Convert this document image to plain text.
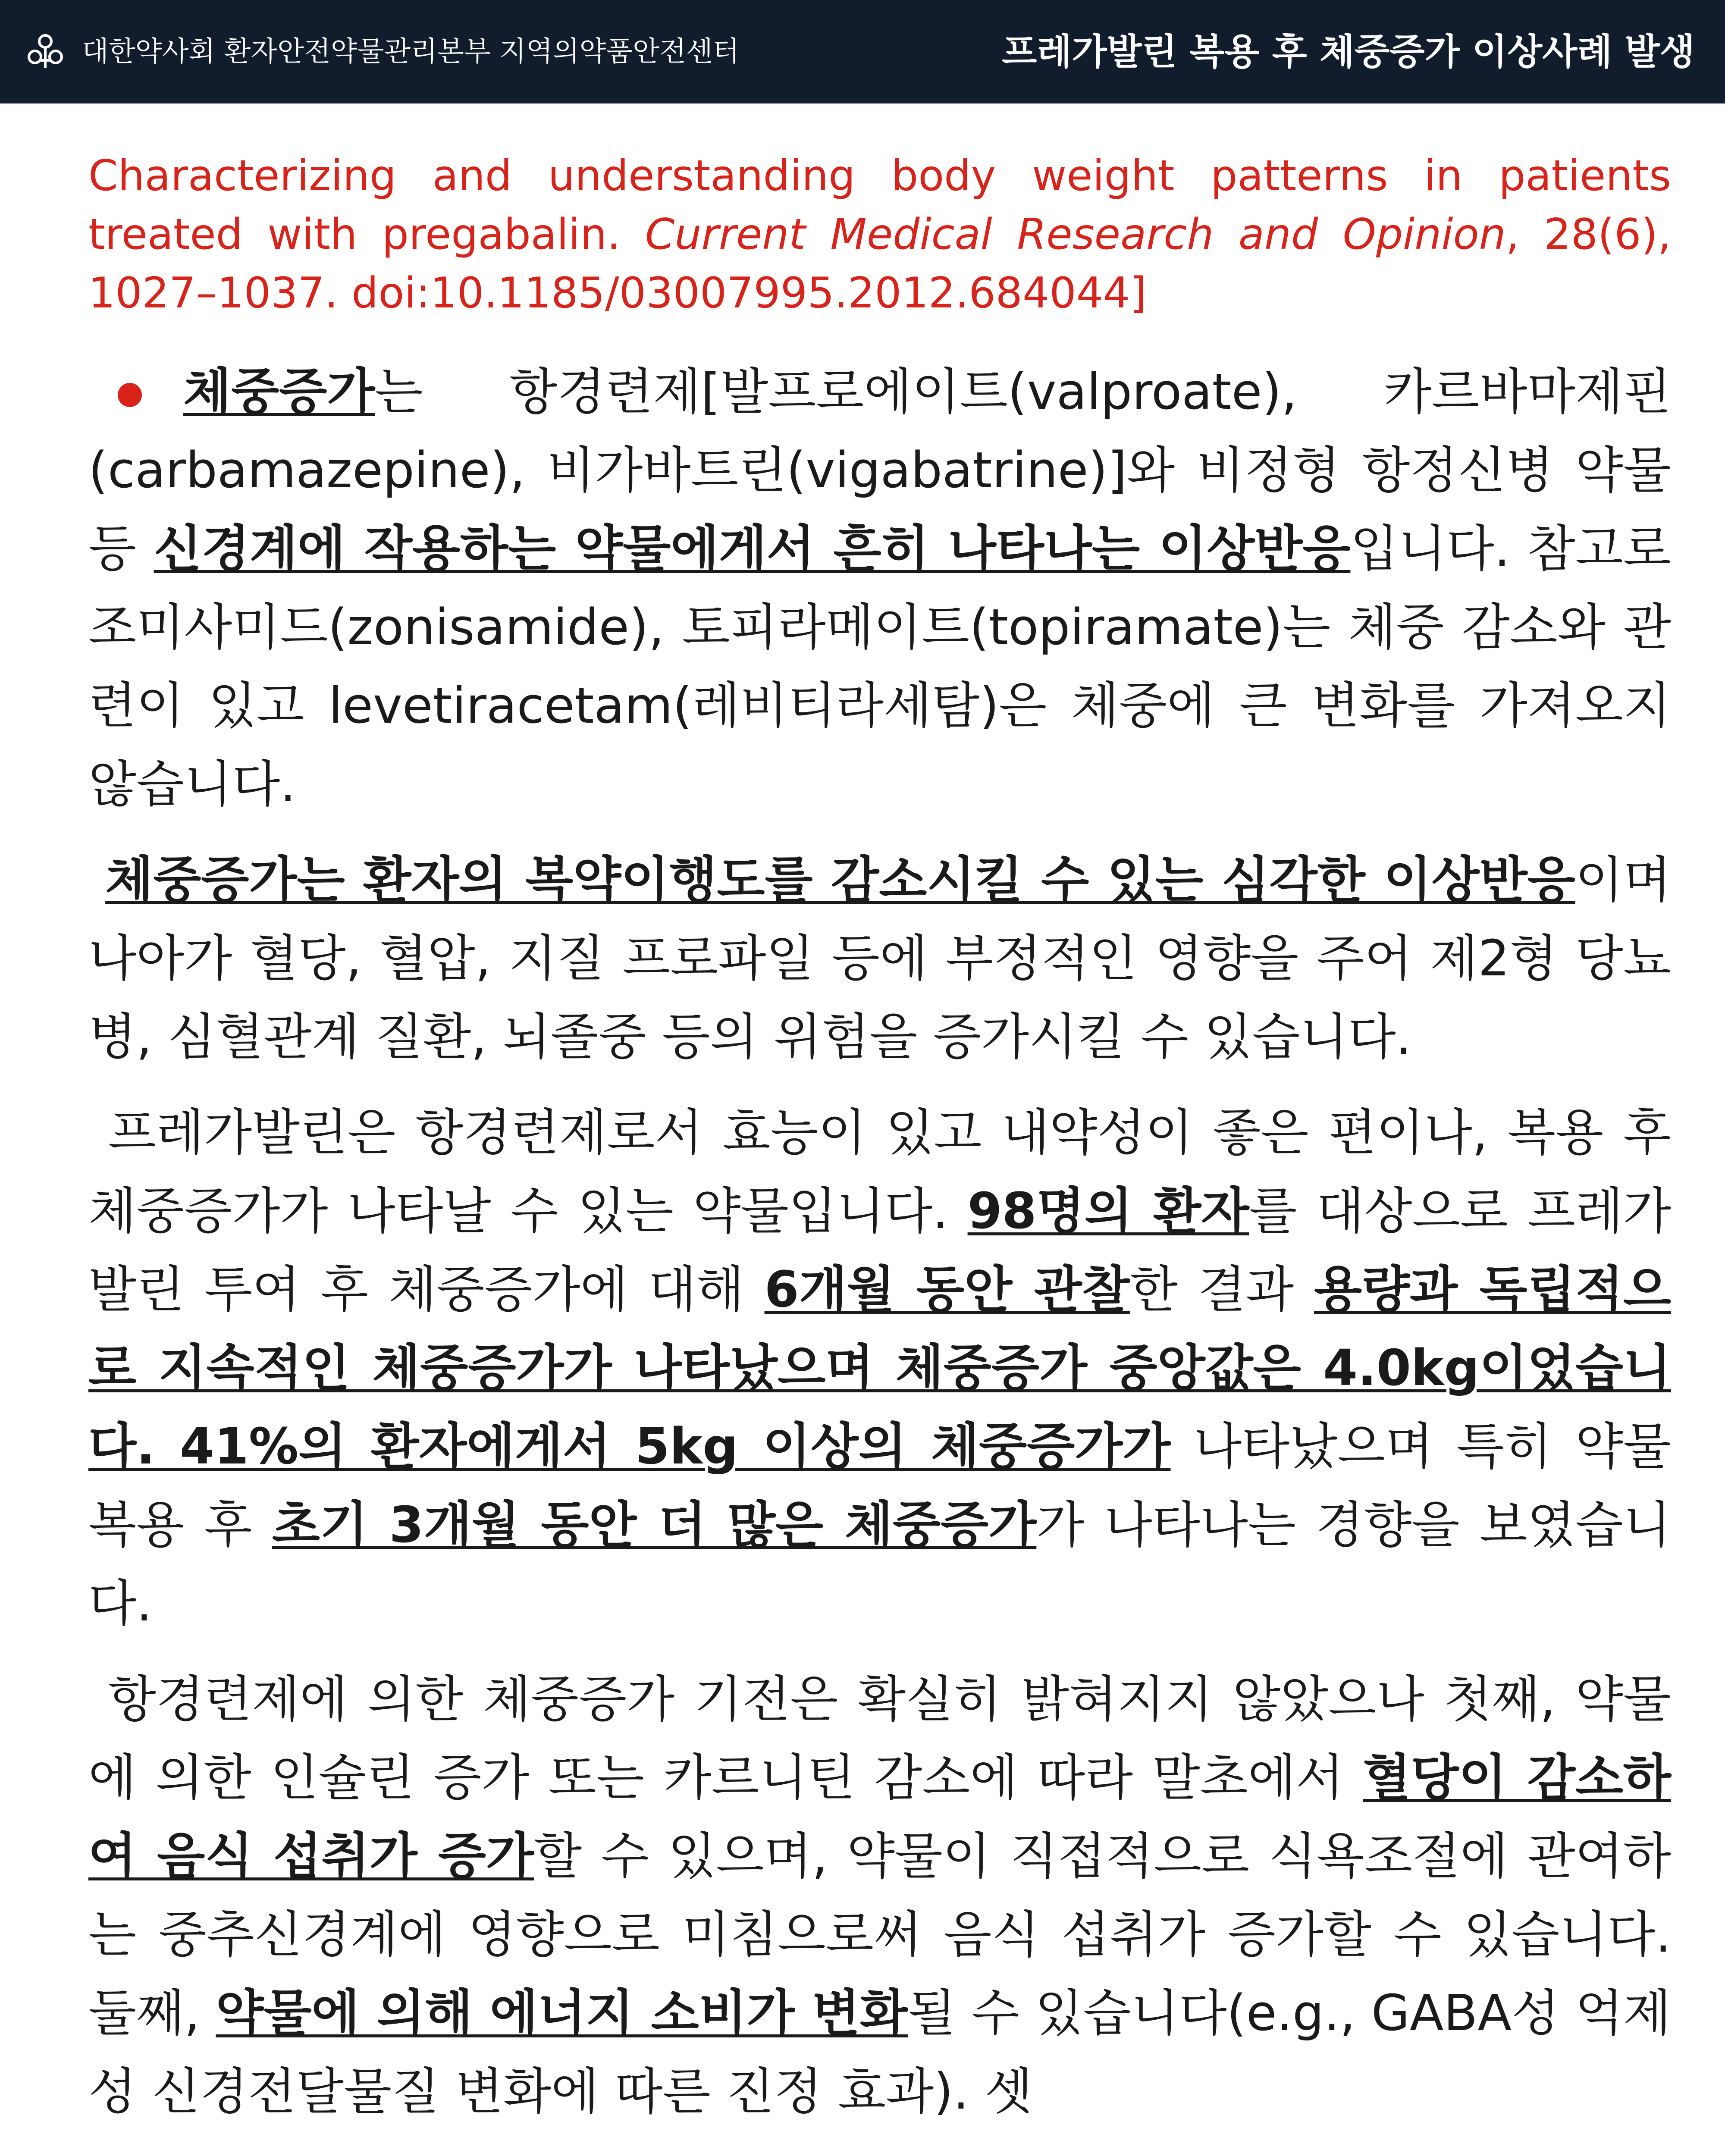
대한약사회 환자안전약물관리본부 지역의약품안전센터	프레가발린 복용 후 체중증가 이상사례 발생

Characterizing and understanding body weight patterns in patients treated with pregabalin. Current Medical Research and Opinion, 28(6), 1027–1037. doi:10.1185/03007995.2012.684044]

체중증가는 항경련제[발프로에이트(valproate), 카르바마제핀(carbamazepine), 비가바트린(vigabatrine)]와 비정형 항정신병 약물 등 신경계에 작용하는 약물에게서 흔히 나타나는 이상반응입니다. 참고로 조미사미드(zonisamide), 토피라메이트(topiramate)는 체중 감소와 관련이 있고 levetiracetam(레비티라세탐)은 체중에 큰 변화를 가져오지 않습니다.

체중증가는 환자의 복약이행도를 감소시킬 수 있는 심각한 이상반응이며 나아가 혈당, 혈압, 지질 프로파일 등에 부정적인 영향을 주어 제2형 당뇨병, 심혈관계 질환, 뇌졸중 등의 위험을 증가시킬 수 있습니다.

프레가발린은 항경련제로서 효능이 있고 내약성이 좋은 편이나, 복용 후 체중증가가 나타날 수 있는 약물입니다. 98명의 환자를 대상으로 프레가발린 투여 후 체중증가에 대해 6개월 동안 관찰한 결과 용량과 독립적으로 지속적인 체중증가가 나타났으며 체중증가 중앙값은 4.0kg이었습니다. 41%의 환자에게서 5kg 이상의 체중증가가 나타났으며 특히 약물 복용 후 초기 3개월 동안 더 많은 체중증가가 나타나는 경향을 보였습니다.

항경련제에 의한 체중증가 기전은 확실히 밝혀지지 않았으나 첫째, 약물에 의한 인슐린 증가 또는 카르니틴 감소에 따라 말초에서 혈당이 감소하여 음식 섭취가 증가할 수 있으며, 약물이 직접적으로 식욕조절에 관여하는 중추신경계에 영향으로 미침으로써 음식 섭취가 증가할 수 있습니다. 둘째, 약물에 의해 에너지 소비가 변화될 수 있습니다(e.g., GABA성 억제성 신경전달물질 변화에 따른 진정 효과). 셋
